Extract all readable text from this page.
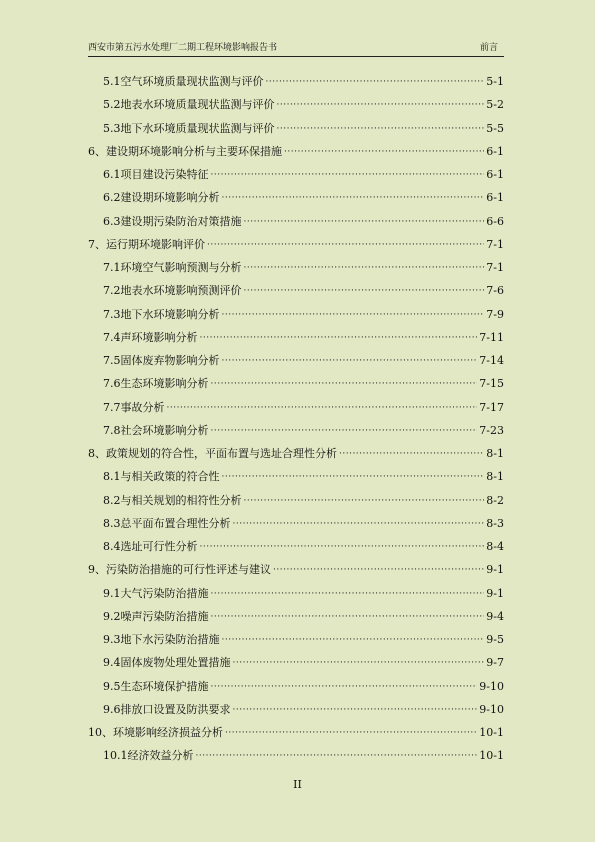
西安市第五污水处理厂二期工程环境影响报告书	前言
5.1 空气环境质量现状监测与评价 ·····	5-1
5.2 地表水环境质量现状监测与评价 ·····	5-2
5.3 地下水环境质量现状监测与评价 ·····	5-5
6、建设期环境影响分析与主要环保措施 ·····	6-1
6.1 项目建设污染特征 ·····	6-1
6.2 建设期环境影响分析 ·····	6-1
6.3 建设期污染防治对策措施 ·····	6-6
7、运行期环境影响评价 ·····	7-1
7.1 环境空气影响预测与分析 ·····	7-1
7.2 地表水环境影响预测评价 ·····	7-6
7.3 地下水环境影响分析 ·····	7-9
7.4 声环境影响分析 ·····	7-11
7.5 固体废弃物影响分析 ·····	7-14
7.6 生态环境影响分析 ·····	7-15
7.7 事故分析 ·····	7-17
7.8 社会环境影响分析 ·····	7-23
8、政策规划的符合性，平面布置与选址合理性分析 ·····	8-1
8.1 与相关政策的符合性 ·····	8-1
8.2 与相关规划的相符性分析 ·····	8-2
8.3 总平面布置合理性分析 ·····	8-3
8.4 选址可行性分析 ·····	8-4
9、污染防治措施的可行性评述与建议 ·····	9-1
9.1 大气污染防治措施 ·····	9-1
9.2 噪声污染防治措施 ·····	9-4
9.3 地下水污染防治措施 ·····	9-5
9.4 固体废物处理处置措施 ·····	9-7
9.5 生态环境保护措施 ·····	9-10
9.6 排放口设置及防洪要求 ·····	9-10
10、环境影响经济损益分析 ·····	10-1
10.1 经济效益分析 ·····	10-1
II
